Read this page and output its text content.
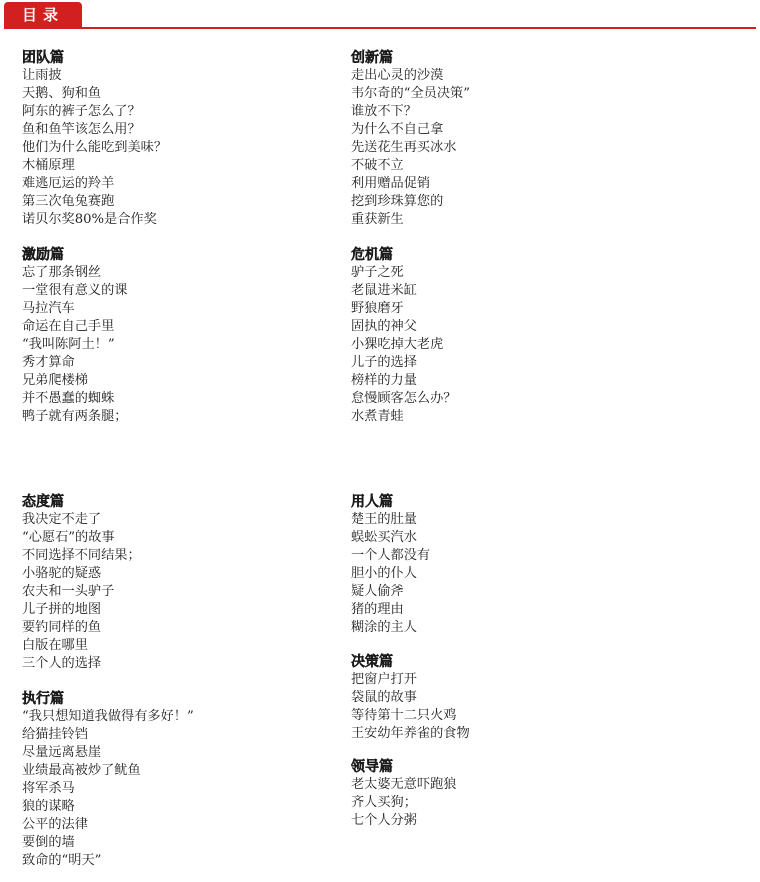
目录
团队篇
让雨披
天鹅、狗和鱼
阿东的裤子怎么了？
鱼和鱼竿该怎么用？
他们为什么能吃到美味？
木桶原理
难逃厄运的羚羊
第三次龟兔赛跑
诺贝尔奖80%是合作奖
创新篇
走出心灵的沙漠
韦尔奇的“全员决策”
谁放不下？
为什么不自己拿
先送花生再买冰水
不破不立
利用赠品促销
挖到珍珠算您的
重获新生
激励篇
忘了那条钢丝
一堂很有意义的课
马拉汽车
命运在自己手里
“我叫陈阿土！”
秀才算命
兄弟爬楼梯
并不愚蠢的蜘蛛
鸭子就有两条腿；
危机篇
驴子之死
老鼠进米缸
野狼磨牙
固执的神父
小猓吃掉大老虎
儿子的选择
榜样的力量
怠慢顾客怎么办？
水煮青蛙
态度篇
我决定不走了
“心愿石”的故事
不同选择不同结果；
小骆驼的疑惑
农夫和一头驴子
儿子拼的地图
要钓同样的鱼
白版在哪里
三个人的选择
用人篇
楚王的肚量
蜈蚣买汽水
一个人都没有
胆小的仆人
疑人偷斧
猪的理由
糊涂的主人
执行篇
“我只想知道我做得有多好！”
给猫挂铃铛
尽量远离悬崖
业绩最高被炒了鱿鱼
将军杀马
狼的谋略
公平的法律
要倒的墙
致命的“明天”
决策篇
把窗户打开
袋鼠的故事
等待第十二只火鸡
王安幼年养雀的食物
领导篇
老太婆无意吓跑狼
齐人买狗；
七个人分粥
